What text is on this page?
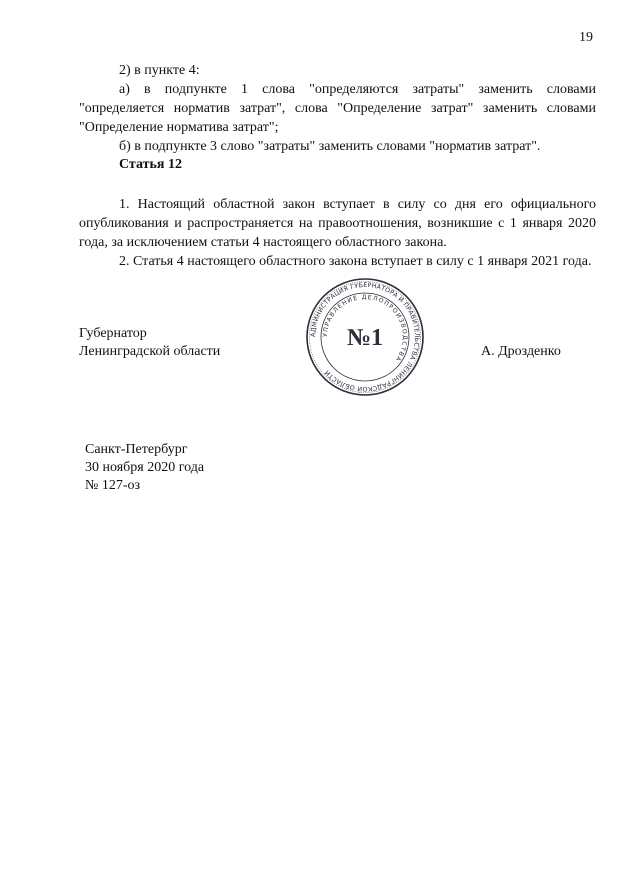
19

2) в пункте 4:

а) в подпункте 1 слова "определяются затраты" заменить словами "определяется норматив затрат", слова "Определение затрат" заменить словами "Определение норматива затрат";

б) в подпункте 3 слово "затраты" заменить словами "норматив затрат".

Статья 12

1. Настоящий областной закон вступает в силу со дня его официального опубликования и распространяется на правоотношения, возникшие с 1 января 2020 года, за исключением статьи 4 настоящего областного закона.

2. Статья 4 настоящего областного закона вступает в силу с 1 января 2021 года.

Губернатор
Ленинградской области
АДМИНИСТРАЦИЯ ГУБЕРНАТОРА И ПРАВИТЕЛЬСТВА ЛЕНИНГРАДСКОЙ ОБЛАСТИ
УПРАВЛЕНИЕ ДЕЛОПРОИЗВОДСТВА
№1
А. Дрозденко
Санкт-Петербург
30 ноября 2020 года
№ 127-оз
